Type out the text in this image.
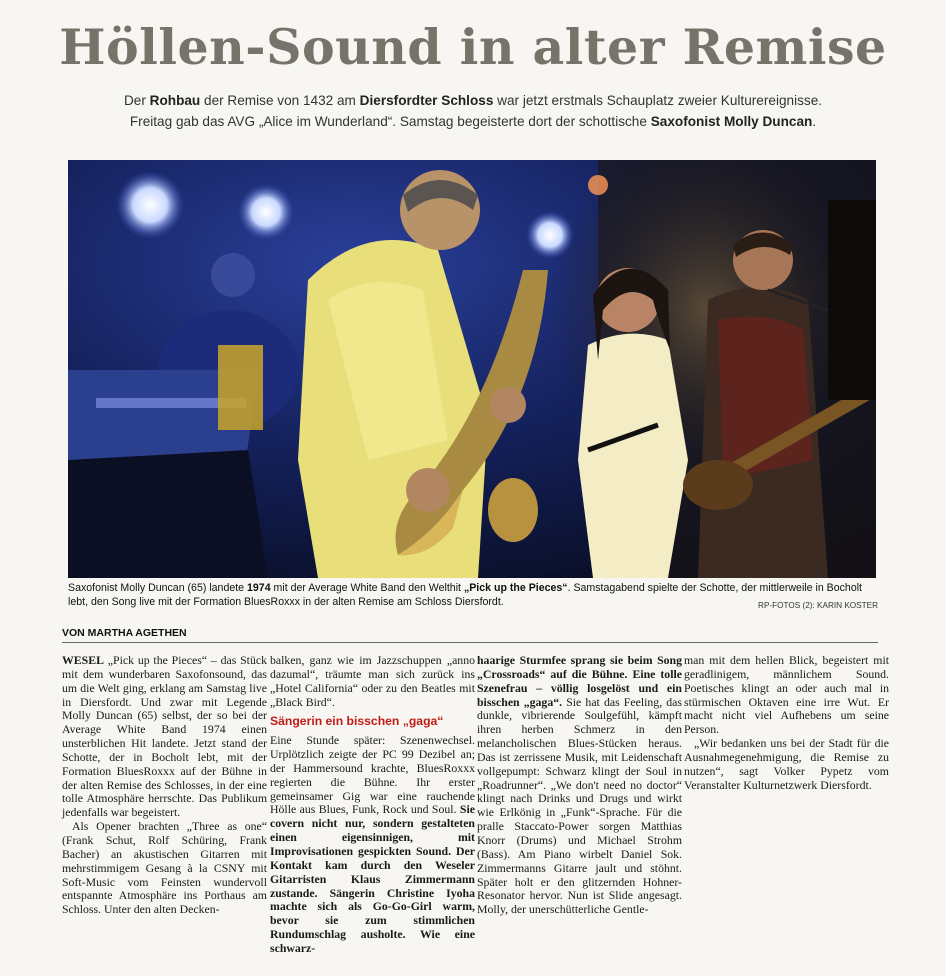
Höllen-Sound in alter Remise
Der Rohbau der Remise von 1432 am Diersfordter Schloss war jetzt erstmals Schauplatz zweier Kulturereignisse.
Freitag gab das AVG „Alice im Wunderland“. Samstag begeisterte dort der schottische Saxofonist Molly Duncan.
Saxofonist Molly Duncan (65) landete 1974 mit der Average White Band den Welthit „Pick up the Pieces“. Samstagabend spielte der Schotte, der mittlerweile in Bocholt lebt, den Song live mit der Formation BluesRoxxx in der alten Remise am Schloss Diersfordt.	RP-FOTOS (2): KARIN KOSTER
VON MARTHA AGETHEN

WESEL „Pick up the Pieces“ – das Stück mit dem wunderbaren Saxofonsound, das um die Welt ging, erklang am Samstag live in Diersfordt. Und zwar mit Legende Molly Duncan (65) selbst, der so bei der Average White Band 1974 einen unsterblichen Hit landete. Jetzt stand der Schotte, der in Bocholt lebt, mit der Formation BluesRoxxx auf der Bühne in der alten Remise des Schlosses, in der eine tolle Atmosphäre herrschte. Das Publikum jedenfalls war begeistert.

Als Opener brachten „Three as one“ (Frank Schut, Rolf Schüring, Frank Bacher) an akustischen Gitarren mit mehrstimmigem Gesang à la CSNY mit Soft-Music vom Feinsten wundervoll entspannte Atmosphäre ins Porthaus am Schloss. Unter den alten Decken-

balken, ganz wie im Jazzschuppen „anno dazumal“, träumte man sich zurück ins „Hotel California“ oder zu den Beatles mit „Black Bird“.

Sängerin ein bisschen „gaga“

Eine Stunde später: Szenenwechsel. Urplötzlich zeigte der PC 99 Dezibel an; der Hammersound krachte, BluesRoxxx regierten die Bühne. Ihr erster gemeinsamer Gig war eine rauchende Hölle aus Blues, Funk, Rock und Soul. Sie covern nicht nur, sondern gestalteten einen eigensinnigen, mit Improvisationen gespickten Sound. Der Kontakt kam durch den Weseler Gitarristen Klaus Zimmermann zustande. Sängerin Christine Iyoha machte sich als Go-Go-Girl warm, bevor sie zum stimmlichen Rundumschlag ausholte. Wie eine schwarz-

haarige Sturmfee sprang sie beim Song „Crossroads“ auf die Bühne. Eine tolle Szenefrau – völlig losgelöst und ein bisschen „gaga“. Sie hat das Feeling, das dunkle, vibrierende Soulgefühl, kämpft ihren herben Schmerz in den melancholischen Blues-Stücken heraus. Das ist zerrissene Musik, mit Leidenschaft vollgepumpt: Schwarz klingt der Soul in „Roadrunner“. „We don't need no doctor“ klingt nach Drinks und Drugs und wirkt wie Erlkönig in „Funk“-Sprache. Für die pralle Staccato-Power sorgen Matthias Knorr (Drums) und Michael Strohm (Bass). Am Piano wirbelt Daniel Sok. Zimmermanns Gitarre jault und stöhnt. Später holt er den glitzernden Hohner-Resonator hervor. Nun ist Slide angesagt. Molly, der unerschütterliche Gentle-

man mit dem hellen Blick, begeistert mit geradlinigem, männlichem Sound. Poetisches klingt an oder auch mal in stürmischen Oktaven eine irre Wut. Er macht nicht viel Aufhebens um seine Person.

„Wir bedanken uns bei der Stadt für die Ausnahmegenehmigung, die Remise zu nutzen“, sagt Volker Pypetz vom Veranstalter Kulturnetzwerk Diersfordt.
